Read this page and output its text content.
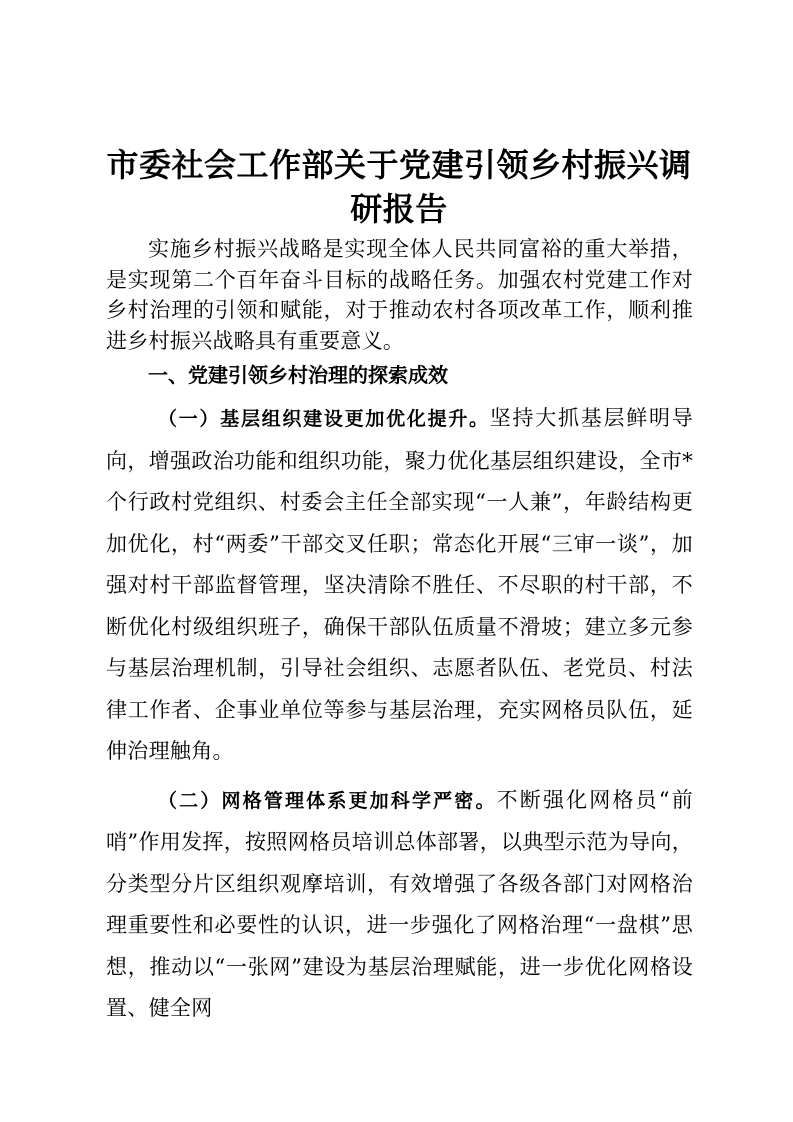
市委社会工作部关于党建引领乡村振兴调研报告

实施乡村振兴战略是实现全体人民共同富裕的重大举措，是实现第二个百年奋斗目标的战略任务。加强农村党建工作对乡村治理的引领和赋能，对于推动农村各项改革工作，顺利推进乡村振兴战略具有重要意义。

一、党建引领乡村治理的探索成效

（一）基层组织建设更加优化提升。坚持大抓基层鲜明导向，增强政治功能和组织功能，聚力优化基层组织建设，全市*个行政村党组织、村委会主任全部实现“一人兼”，年龄结构更加优化，村“两委”干部交叉任职；常态化开展“三审一谈”，加强对村干部监督管理，坚决清除不胜任、不尽职的村干部，不断优化村级组织班子，确保干部队伍质量不滑坡；建立多元参与基层治理机制，引导社会组织、志愿者队伍、老党员、村法律工作者、企事业单位等参与基层治理，充实网格员队伍，延伸治理触角。

（二）网格管理体系更加科学严密。不断强化网格员“前哨”作用发挥，按照网格员培训总体部署，以典型示范为导向，分类型分片区组织观摩培训，有效增强了各级各部门对网格治理重要性和必要性的认识，进一步强化了网格治理“一盘棋”思想，推动以“一张网”建设为基层治理赋能，进一步优化网格设置、健全网
